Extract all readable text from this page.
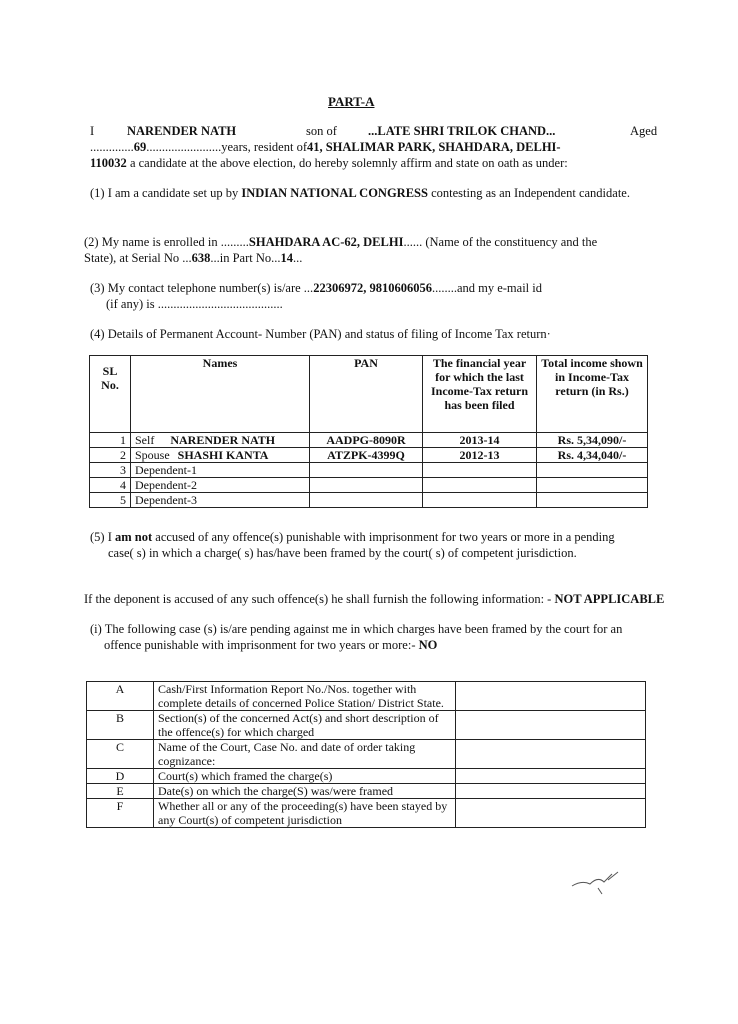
PART-A
I	NARENDER NATH	son of ...LATE SHRI TRILOK CHAND...	Aged
..............69........................years, resident of41, SHALIMAR PARK, SHAHDARA, DELHI-
110032 a candidate at the above election, do hereby solemnly affirm and state on oath as under:
(1) I am a candidate set up by INDIAN NATIONAL CONGRESS contesting as an Independent candidate.
(2) My name is enrolled in .........SHAHDARA AC-62, DELHI...... (Name of the constituency and the
State), at Serial No ...638...in Part No...14...
(3) My contact telephone number(s) is/are ...22306972, 9810606056........and my e-mail id
(if any) is ........................................
(4) Details of Permanent Account- Number (PAN) and status of filing of Income Tax return·
SL No.	Names	PAN	The financial year for which the last Income-Tax return has been filed	Total income shown in Income-Tax return (in Rs.)
1	Self NARENDER NATH	AADPG-8090R	2013-14	Rs. 5,34,090/-
2	Spouse SHASHI KANTA	ATZPK-4399Q	2012-13	Rs. 4,34,040/-
3	Dependent-1			
4	Dependent-2			
5	Dependent-3			
(5) I am not accused of any offence(s) punishable with imprisonment for two years or more in a pending
case( s) in which a charge( s) has/have been framed by the court( s) of competent jurisdiction.
If the deponent is accused of any such offence(s) he shall furnish the following information: - NOT APPLICABLE
(i) The following case (s) is/are pending against me in which charges have been framed by the court for an
offence punishable with imprisonment for two years or more:- NO
A	Cash/First Information Report No./Nos. together with complete details of concerned Police Station/ District State.	
B	Section(s) of the concerned Act(s) and short description of the offence(s) for which charged	
C	Name of the Court, Case No. and date of order taking cognizance:	
D	Court(s) which framed the charge(s)	
E	Date(s) on which the charge(S) was/were framed	
F	Whether all or any of the proceeding(s) have been stayed by any Court(s) of competent jurisdiction	
